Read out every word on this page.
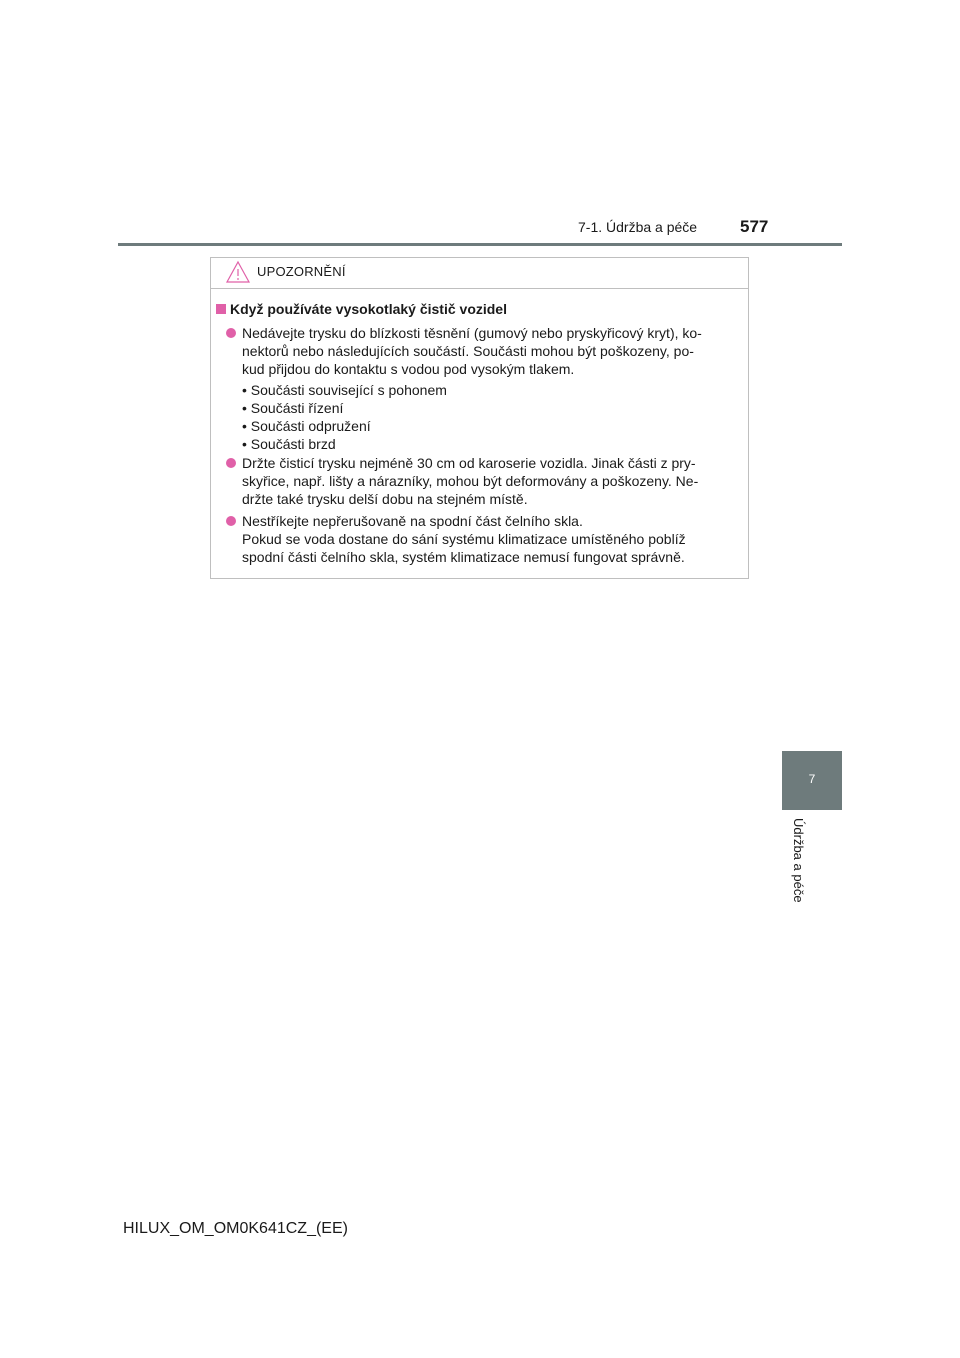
7-1. Údržba a péče	577
UPOZORNĚNÍ
Když používáte vysokotlaký čistič vozidel
Nedávejte trysku do blízkosti těsnění (gumový nebo pryskyřicový kryt), ko-
nektorů nebo následujících součástí. Součásti mohou být poškozeny, po-
kud přijdou do kontaktu s vodou pod vysokým tlakem.
• Součásti související s pohonem
• Součásti řízení
• Součásti odpružení
• Součásti brzd
Držte čisticí trysku nejméně 30 cm od karoserie vozidla. Jinak části z pry-
skyřice, např. lišty a nárazníky, mohou být deformovány a poškozeny. Ne-
držte také trysku delší dobu na stejném místě.
Nestříkejte nepřerušovaně na spodní část čelního skla.
Pokud se voda dostane do sání systému klimatizace umístěného poblíž
spodní části čelního skla, systém klimatizace nemusí fungovat správně.
7
Údržba a péče
HILUX_OM_OM0K641CZ_(EE)
